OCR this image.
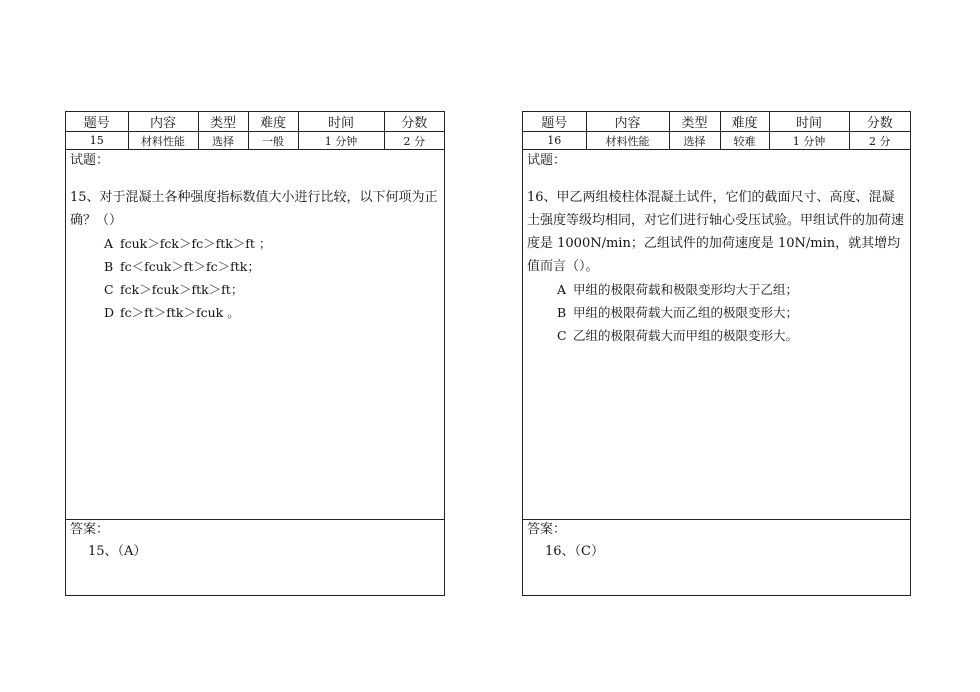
题号	内容	类型	难度	时间	分数
15	材料性能	选择	一般	1 分钟	2 分
试题：
15、对于混凝土各种强度指标数值大小进行比较，以下何项为正确？（）
A fcuk＞fck＞fc＞ftk＞ft ；
B fc＜fcuk＞ft＞fc＞ftk；
C fck＞fcuk＞ftk＞ft；
D fc＞ft＞ftk＞fcuk 。
答案：
15、（A）
题号	内容	类型	难度	时间	分数
16	材料性能	选择	较难	1 分钟	2 分
试题：
16、甲乙两组棱柱体混凝土试件，它们的截面尺寸、高度、混凝土强度等级均相同，对它们进行轴心受压试验。甲组试件的加荷速度是 1000N/min；乙组试件的加荷速度是 10N/min，就其增均值而言（）。
A 甲组的极限荷载和极限变形均大于乙组；
B 甲组的极限荷载大而乙组的极限变形大；
C 乙组的极限荷载大而甲组的极限变形大。
答案：
16、（C）
